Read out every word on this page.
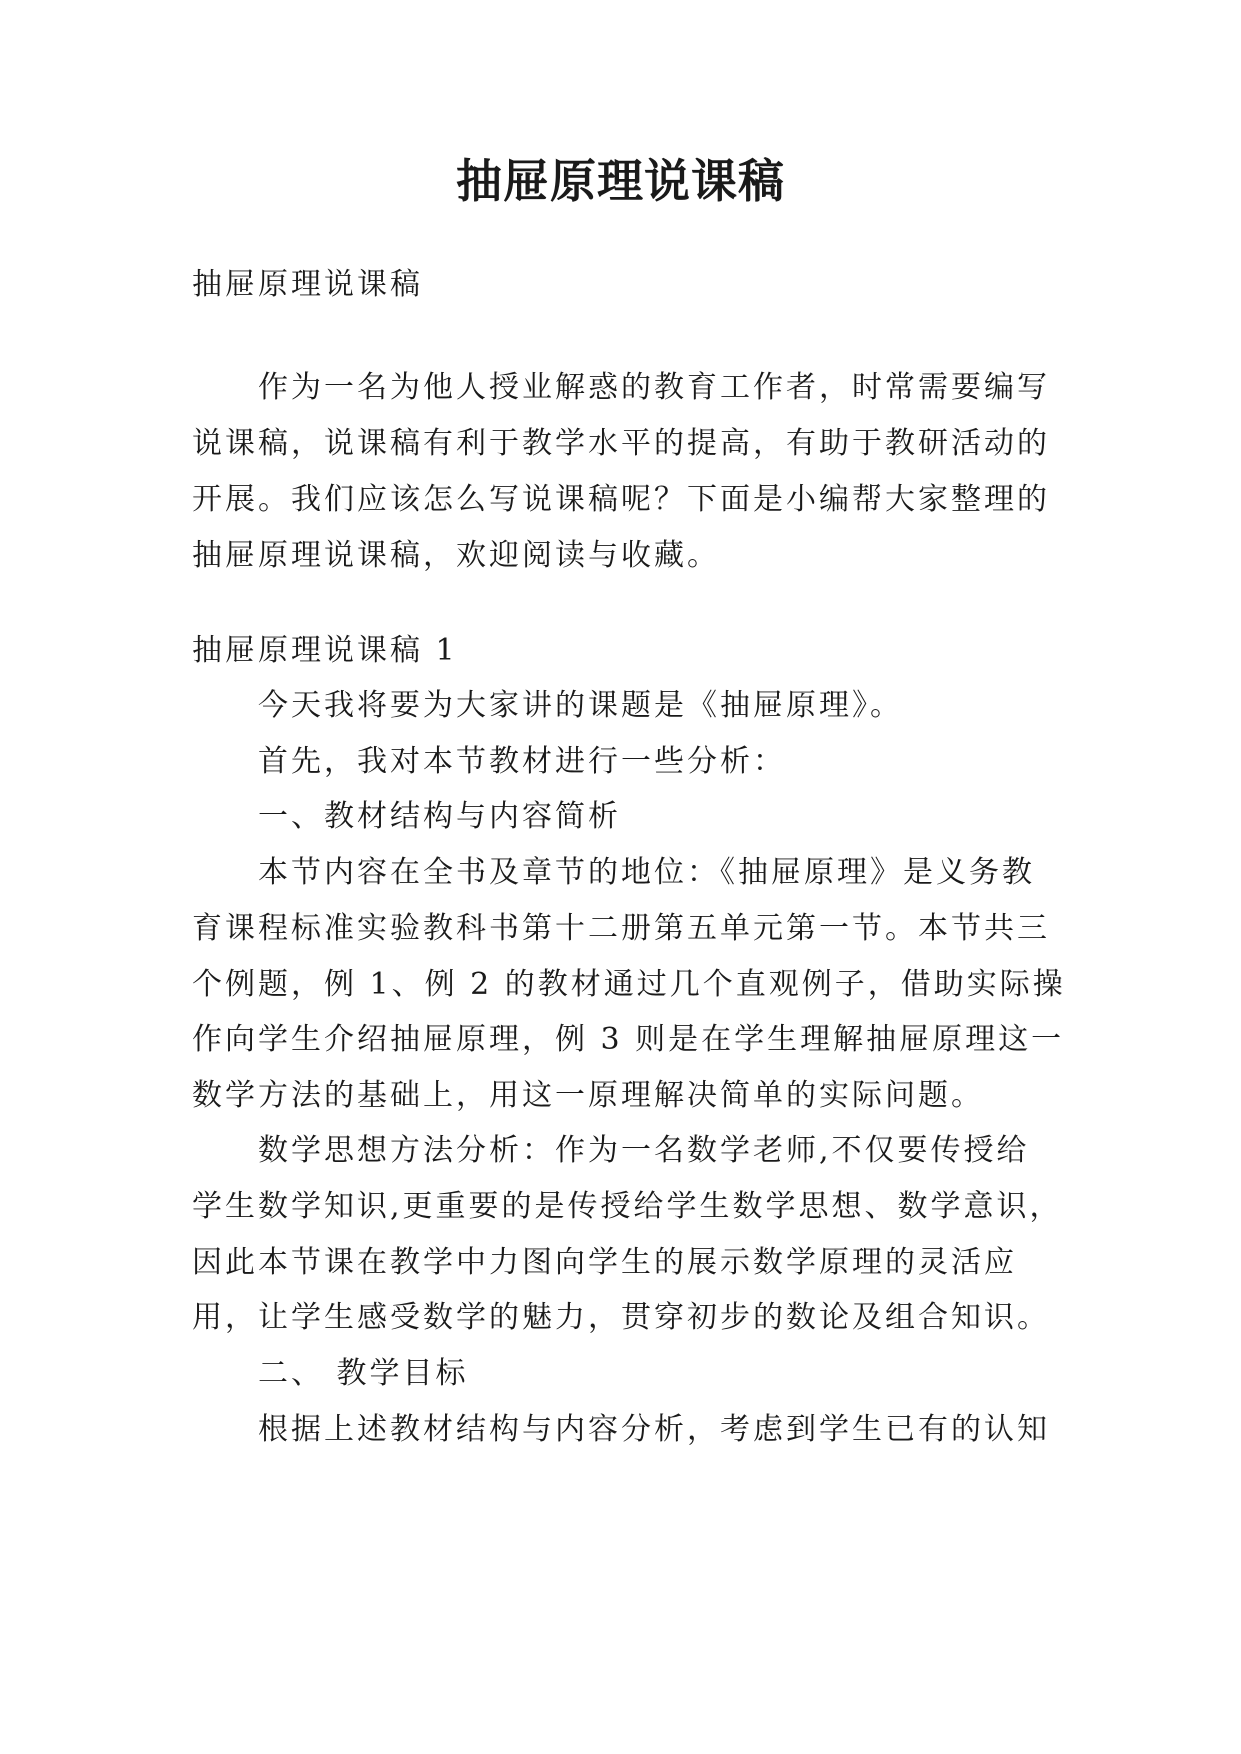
抽屉原理说课稿
抽屉原理说课稿
作为一名为他人授业解惑的教育工作者，时常需要编写
说课稿，说课稿有利于教学水平的提高，有助于教研活动的
开展。我们应该怎么写说课稿呢？下面是小编帮大家整理的
抽屉原理说课稿，欢迎阅读与收藏。
抽屉原理说课稿 1
今天我将要为大家讲的课题是《抽屉原理》。
首先，我对本节教材进行一些分析：
一、教材结构与内容简析
本节内容在全书及章节的地位：《抽屉原理》是义务教
育课程标准实验教科书第十二册第五单元第一节。本节共三
个例题，例 1、例 2 的教材通过几个直观例子，借助实际操
作向学生介绍抽屉原理，例 3 则是在学生理解抽屉原理这一
数学方法的基础上，用这一原理解决简单的实际问题。
数学思想方法分析：作为一名数学老师,不仅要传授给
学生数学知识,更重要的是传授给学生数学思想、数学意识，
因此本节课在教学中力图向学生的展示数学原理的灵活应
用，让学生感受数学的魅力，贯穿初步的数论及组合知识。
二、 教学目标
根据上述教材结构与内容分析，考虑到学生已有的认知
